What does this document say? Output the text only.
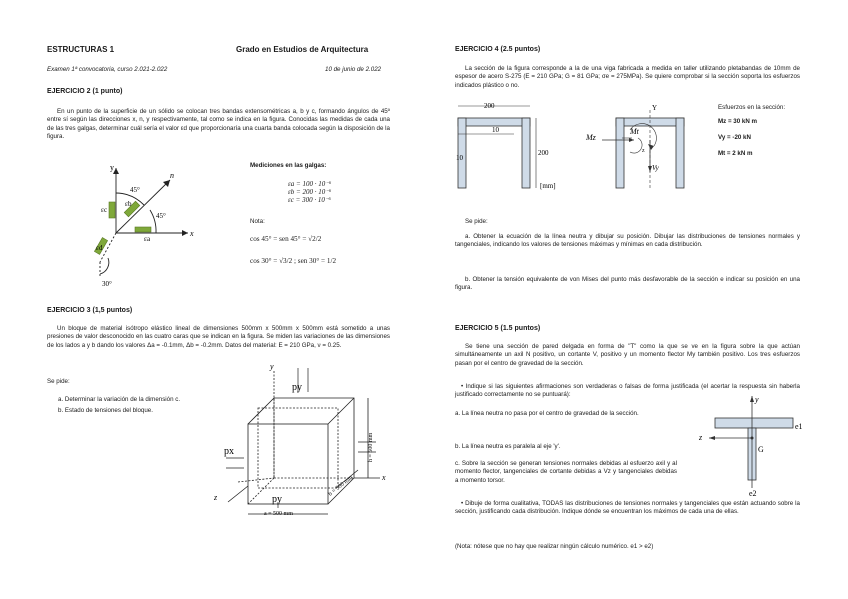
ESTRUCTURAS 1	Grado en Estudios de Arquitectura
Examen 1ª convocatoria, curso 2.021-2.022	10 de junio de 2.022
EJERCICIO 2 (1 punto)
En un punto de la superficie de un sólido se colocan tres bandas extensométricas a, b y c, formando ángulos de 45º entre sí según las direcciones x, n, y respectivamente, tal como se indica en la figura. Conocidas las medidas de cada una de las tres galgas, determinar cuál sería el valor εd que proporcionaría una cuarta banda colocada según la disposición de la figura.
y
x
n
εc
εb
εa
εd
45°
45°
30°
Mediciones en las galgas:
εa = 100 · 10⁻⁶
εb = 200 · 10⁻⁶
εc = 300 · 10⁻⁶
Nota:
cos 45° = sen 45° = √2/2
cos 30° = √3/2 ; sen 30° = 1/2
EJERCICIO 3 (1,5 puntos)
Un bloque de material isótropo elástico lineal de dimensiones 500mm x 500mm x 500mm está sometido a unas presiones de valor desconocido en las cuatro caras que se indican en la figura. Se miden las variaciones de las dimensiones de los lados a y b dando los valores Δa = -0.1mm, Δb = -0.2mm. Datos del material: E = 210 GPa, ν = 0.25.
Se pide:
a. Determinar la variación de la dimensión c.
b. Estado de tensiones del bloque.
y
z
x
py
px
py
h = 500 mm
b = 500 mm
a = 500 mm
EJERCICIO 4 (2.5 puntos)
La sección de la figura corresponde a la de una viga fabricada a medida en taller utilizando pletabandas de 10mm de espesor de acero S-275 (E = 210 GPa; G = 81 GPa; σe = 275MPa). Se quiere comprobar si la sección soporta los esfuerzos indicados plástico o no.
200
10
10
200
[mm]
Mz
Mt
Vy
Y
z
Esfuerzos en la sección:
Mz = 30 kN m
Vy = -20 kN
Mt = 2 kN m
Se pide:
a. Obtener la ecuación de la línea neutra y dibujar su posición. Dibujar las distribuciones de tensiones normales y tangenciales, indicando los valores de tensiones máximas y mínimas en cada distribución.
b. Obtener la tensión equivalente de von Mises del punto más desfavorable de la sección e indicar su posición en una figura.
EJERCICIO 5 (1.5 puntos)
Se tiene una sección de pared delgada en forma de "T" como la que se ve en la figura sobre la que actúan simultáneamente un axil N positivo, un cortante V, positivo y un momento flector My también positivo. Los tres esfuerzos pasan por el centro de gravedad de la sección.
• Indique si las siguientes afirmaciones son verdaderas o falsas de forma justificada (el acertar la respuesta sin haberla justificado correctamente no se puntuará):
a. La línea neutra no pasa por el centro de gravedad de la sección.
b. La línea neutra es paralela al eje 'y'.
c. Sobre la sección se generan tensiones normales debidas al esfuerzo axil y al momento flector, tangenciales de cortante debidas a Vz y tangenciales debidas a momento torsor.
• Dibuje de forma cualitativa, TODAS las distribuciones de tensiones normales y tangenciales que están actuando sobre la sección, justificando cada distribución. Indique dónde se encuentran los máximos de cada una de ellas.
(Nota: nótese que no hay que realizar ningún cálculo numérico. e1 > e2)
y
z
e1
e2
G
